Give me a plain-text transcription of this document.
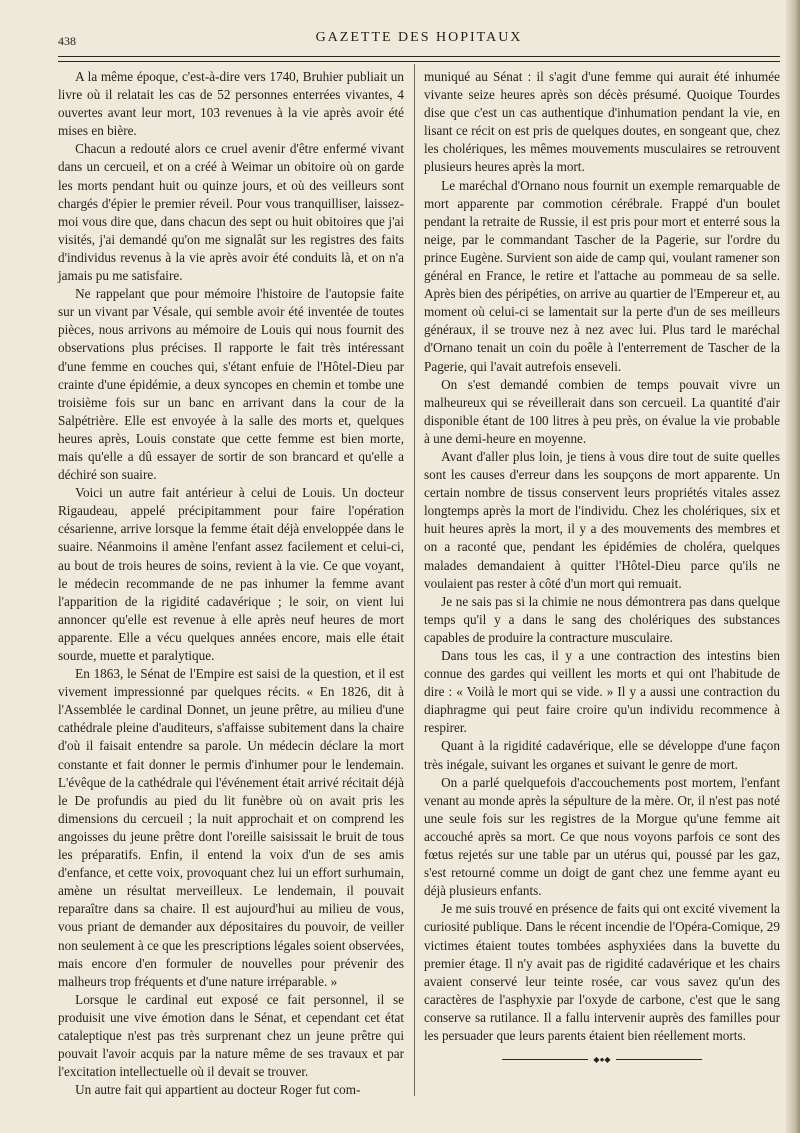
438	GAZETTE DES HOPITAUX

A la même époque, c'est-à-dire vers 1740, Bruhier publiait un livre où il relatait les cas de 52 personnes enterrées vivantes, 4 ouvertes avant leur mort, 103 revenues à la vie après avoir été mises en bière.

Chacun a redouté alors ce cruel avenir d'être enfermé vivant dans un cercueil, et on a créé à Weimar un obitoire où on garde les morts pendant huit ou quinze jours, et où des veilleurs sont chargés d'épier le premier réveil. Pour vous tranquilliser, laissez-moi vous dire que, dans chacun des sept ou huit obitoires que j'ai visités, j'ai demandé qu'on me signalât sur les registres des faits d'individus revenus à la vie après avoir été conduits là, et on n'a jamais pu me satisfaire.

Ne rappelant que pour mémoire l'histoire de l'autopsie faite sur un vivant par Vésale, qui semble avoir été inventée de toutes pièces, nous arrivons au mémoire de Louis qui nous fournit des observations plus précises. Il rapporte le fait très intéressant d'une femme en couches qui, s'étant enfuie de l'Hôtel-Dieu par crainte d'une épidémie, a deux syncopes en chemin et tombe une troisième fois sur un banc en arrivant dans la cour de la Salpétrière. Elle est envoyée à la salle des morts et, quelques heures après, Louis constate que cette femme est bien morte, mais qu'elle a dû essayer de sortir de son brancard et qu'elle a déchiré son suaire.

Voici un autre fait antérieur à celui de Louis. Un docteur Rigaudeau, appelé précipitamment pour faire l'opération césarienne, arrive lorsque la femme était déjà enveloppée dans le suaire. Néanmoins il amène l'enfant assez facilement et celui-ci, au bout de trois heures de soins, revient à la vie. Ce que voyant, le médecin recommande de ne pas inhumer la femme avant l'apparition de la rigidité cadavérique ; le soir, on vient lui annoncer qu'elle est revenue à elle après neuf heures de mort apparente. Elle a vécu quelques années encore, mais elle était sourde, muette et paralytique.

En 1863, le Sénat de l'Empire est saisi de la question, et il est vivement impressionné par quelques récits. « En 1826, dit à l'Assemblée le cardinal Donnet, un jeune prêtre, au milieu d'une cathédrale pleine d'auditeurs, s'affaisse subitement dans la chaire d'où il faisait entendre sa parole. Un médecin déclare la mort constante et fait donner le permis d'inhumer pour le lendemain. L'évêque de la cathédrale qui l'événement était arrivé récitait déjà le De profundis au pied du lit funèbre où on avait pris les dimensions du cercueil ; la nuit approchait et on comprend les angoisses du jeune prêtre dont l'oreille saisissait le bruit de tous les préparatifs. Enfin, il entend la voix d'un de ses amis d'enfance, et cette voix, provoquant chez lui un effort surhumain, amène un résultat merveilleux. Le lendemain, il pouvait reparaître dans sa chaire. Il est aujourd'hui au milieu de vous, vous priant de demander aux dépositaires du pouvoir, de veiller non seulement à ce que les prescriptions légales soient observées, mais encore d'en formuler de nouvelles pour prévenir des malheurs trop fréquents et d'une nature irréparable. »

Lorsque le cardinal eut exposé ce fait personnel, il se produisit une vive émotion dans le Sénat, et cependant cet état cataleptique n'est pas très surprenant chez un jeune prêtre qui pouvait l'avoir acquis par la nature même de ses travaux et par l'excitation intellectuelle où il devait se trouver.

Un autre fait qui appartient au docteur Roger fut com-

muniqué au Sénat : il s'agit d'une femme qui aurait été inhumée vivante seize heures après son décès présumé. Quoique Tourdes dise que c'est un cas authentique d'inhumation pendant la vie, en lisant ce récit on est pris de quelques doutes, en songeant que, chez les cholériques, les mêmes mouvements musculaires se retrouvent plusieurs heures après la mort.

Le maréchal d'Ornano nous fournit un exemple remarquable de mort apparente par commotion cérébrale. Frappé d'un boulet pendant la retraite de Russie, il est pris pour mort et enterré sous la neige, par le commandant Tascher de la Pagerie, sur l'ordre du prince Eugène. Survient son aide de camp qui, voulant ramener son général en France, le retire et l'attache au pommeau de sa selle. Après bien des péripéties, on arrive au quartier de l'Empereur et, au moment où celui-ci se lamentait sur la perte d'un de ses meilleurs généraux, il se trouve nez à nez avec lui. Plus tard le maréchal d'Ornano tenait un coin du poêle à l'enterrement de Tascher de la Pagerie, qui l'avait autrefois enseveli.

On s'est demandé combien de temps pouvait vivre un malheureux qui se réveillerait dans son cercueil. La quantité d'air disponible étant de 100 litres à peu près, on évalue la vie probable à une demi-heure en moyenne.

Avant d'aller plus loin, je tiens à vous dire tout de suite quelles sont les causes d'erreur dans les soupçons de mort apparente. Un certain nombre de tissus conservent leurs propriétés vitales assez longtemps après la mort de l'individu. Chez les cholériques, six et huit heures après la mort, il y a des mouvements des membres et on a raconté que, pendant les épidémies de choléra, quelques malades demandaient à quitter l'Hôtel-Dieu parce qu'ils ne voulaient pas rester à côté d'un mort qui remuait.

Je ne sais pas si la chimie ne nous démontrera pas dans quelque temps qu'il y a dans le sang des cholériques des substances capables de produire la contracture musculaire.

Dans tous les cas, il y a une contraction des intestins bien connue des gardes qui veillent les morts et qui ont l'habitude de dire : « Voilà le mort qui se vide. » Il y a aussi une contraction du diaphragme qui peut faire croire qu'un individu recommence à respirer.

Quant à la rigidité cadavérique, elle se développe d'une façon très inégale, suivant les organes et suivant le genre de mort.

On a parlé quelquefois d'accouchements post mortem, l'enfant venant au monde après la sépulture de la mère. Or, il n'est pas noté une seule fois sur les registres de la Morgue qu'une femme ait accouché après sa mort. Ce que nous voyons parfois ce sont des fœtus rejetés sur une table par un utérus qui, poussé par les gaz, s'est retourné comme un doigt de gant chez une femme ayant eu déjà plusieurs enfants.

Je me suis trouvé en présence de faits qui ont excité vivement la curiosité publique. Dans le récent incendie de l'Opéra-Comique, 29 victimes étaient toutes tombées asphyxiées dans la buvette du premier étage. Il n'y avait pas de rigidité cadavérique et les chairs avaient conservé leur teinte rosée, car vous savez qu'un des caractères de l'asphyxie par l'oxyde de carbone, c'est que le sang conserve sa rutilance. Il a fallu intervenir auprès des familles pour les persuader que leurs parents étaient bien réellement morts.

◆●◆
